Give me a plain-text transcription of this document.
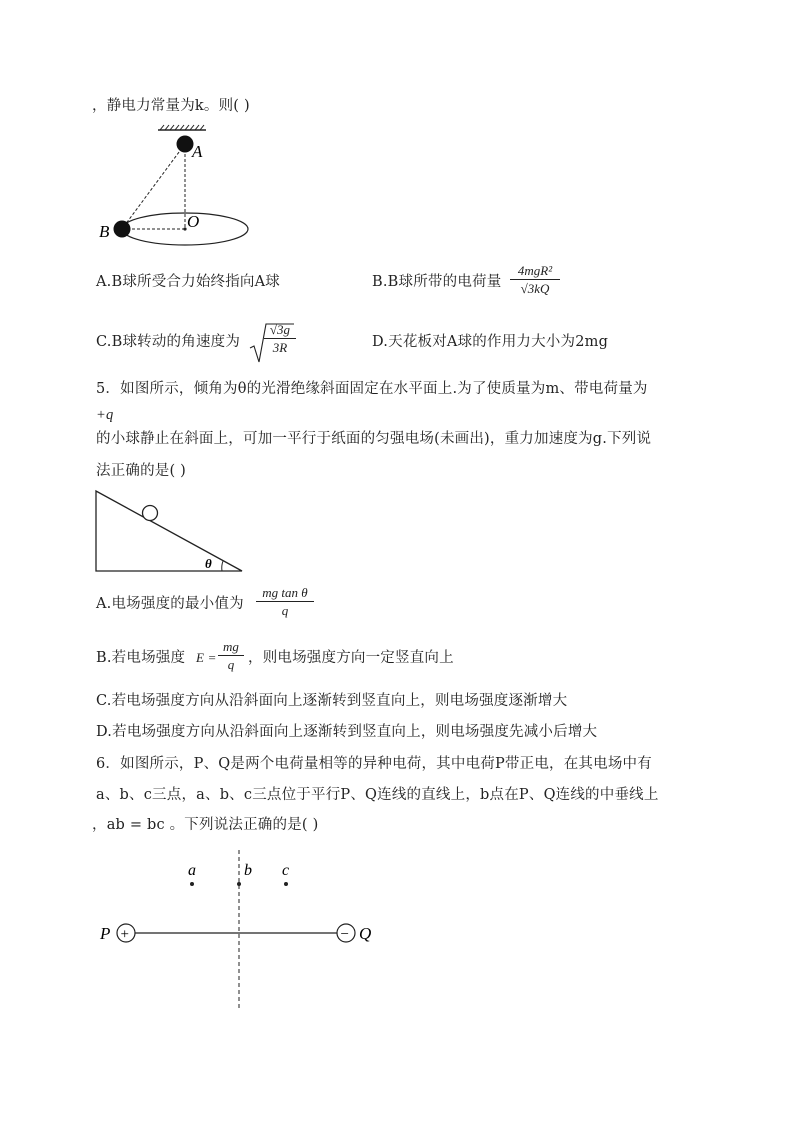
，静电力常量为k。则( )
A
B
O
A.B球所受合力始终指向A球	B.B球所带的电荷量
4mgR²
√3kQ
C.B球转动的角速度为
√3g
3R	D.天花板对A球的作用力大小为2mg
5．如图所示，倾角为θ的光滑绝缘斜面固定在水平面上.为了使质量为m、带电荷量为
+q
的小球静止在斜面上，可加一平行于纸面的匀强电场(未画出)，重力加速度为g.下列说
法正确的是( )
θ
A.电场强度的最小值为
mg tan θ
q
B.若电场强度 E =
mg
q ，则电场强度方向一定竖直向上
C.若电场强度方向从沿斜面向上逐渐转到竖直向上，则电场强度逐渐增大
D.若电场强度方向从沿斜面向上逐渐转到竖直向上，则电场强度先减小后增大
6．如图所示，P、Q是两个电荷量相等的异种电荷，其中电荷P带正电，在其电场中有
a、b、c三点，a、b、c三点位于平行P、Q连线的直线上，b点在P、Q连线的中垂线上
，ab = bc 。下列说法正确的是( )
+	−
P	Q
a	b c
